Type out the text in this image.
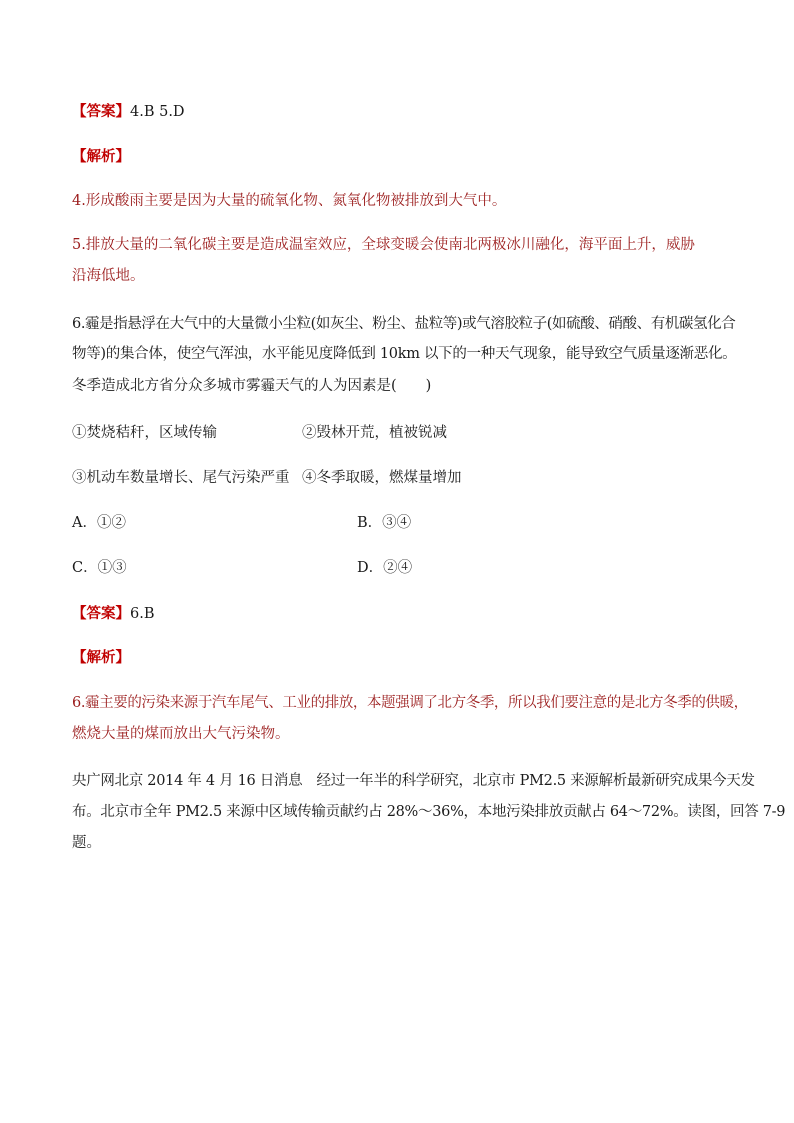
【答案】4.B 5.D
【解析】
4.形成酸雨主要是因为大量的硫氧化物、氮氧化物被排放到大气中。
5.排放大量的二氧化碳主要是造成温室效应，全球变暖会使南北两极冰川融化，海平面上升，威胁
沿海低地。
6.霾是指悬浮在大气中的大量微小尘粒(如灰尘、粉尘、盐粒等)或气溶胶粒子(如硫酸、硝酸、有机碳氢化合
物等)的集合体，使空气浑浊，水平能见度降低到 10km 以下的一种天气现象，能导致空气质量逐渐恶化。
冬季造成北方省分众多城市雾霾天气的人为因素是(　　)
①焚烧秸秆，区域传输	②毁林开荒，植被锐减
③机动车数量增长、尾气污染严重 ④冬季取暖，燃煤量增加
A．①②	B．③④
C．①③	D．②④
【答案】6.B
【解析】
6.霾主要的污染来源于汽车尾气、工业的排放，本题强调了北方冬季，所以我们要注意的是北方冬季的供暖，
燃烧大量的煤而放出大气污染物。
央广网北京 2014 年 4 月 16 日消息　经过一年半的科学研究，北京市 PM2.5 来源解析最新研究成果今天发
布。北京市全年 PM2.5 来源中区域传输贡献约占 28%～36%，本地污染排放贡献占 64～72%。读图，回答 7-9
题。
